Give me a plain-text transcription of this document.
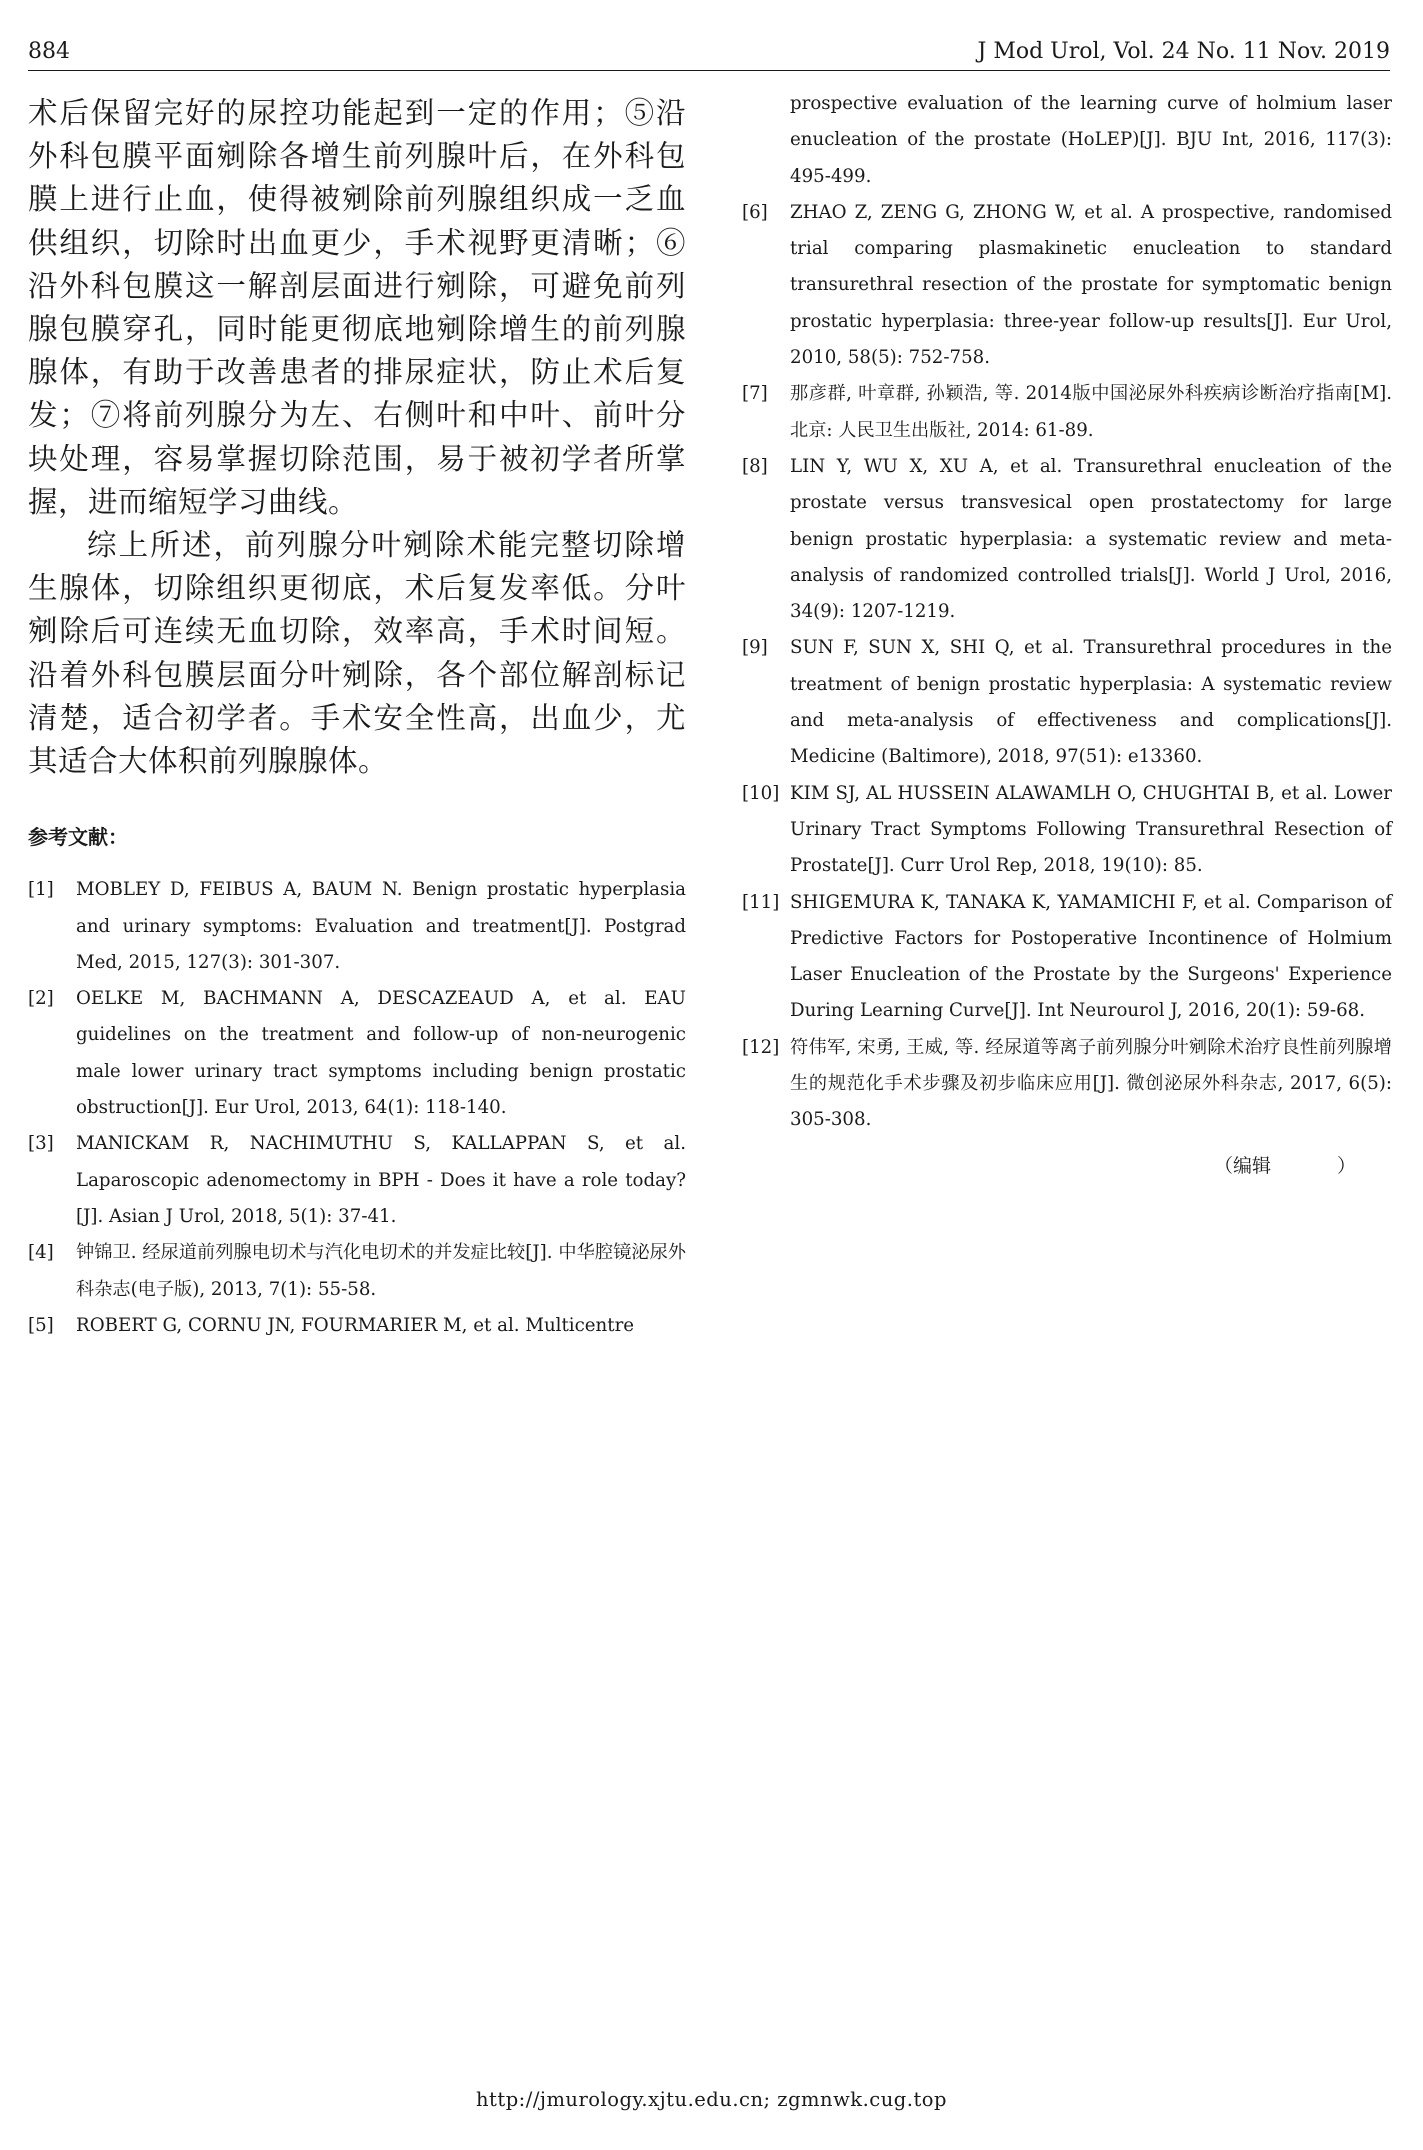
884	J Mod Urol, Vol. 24 No. 11 Nov. 2019

术后保留完好的尿控功能起到一定的作用；⑤沿外科包膜平面剜除各增生前列腺叶后，在外科包膜上进行止血，使得被剜除前列腺组织成一乏血供组织，切除时出血更少，手术视野更清晰；⑥沿外科包膜这一解剖层面进行剜除，可避免前列腺包膜穿孔，同时能更彻底地剜除增生的前列腺腺体，有助于改善患者的排尿症状，防止术后复发；⑦将前列腺分为左、右侧叶和中叶、前叶分块处理，容易掌握切除范围，易于被初学者所掌握，进而缩短学习曲线。

综上所述，前列腺分叶剜除术能完整切除增生腺体，切除组织更彻底，术后复发率低。分叶剜除后可连续无血切除，效率高，手术时间短。沿着外科包膜层面分叶剜除，各个部位解剖标记清楚，适合初学者。手术安全性高，出血少，尤其适合大体积前列腺腺体。

参考文献：
[1]	MOBLEY D, FEIBUS A, BAUM N. Benign prostatic hyperplasia and urinary symptoms: Evaluation and treatment[J]. Postgrad Med, 2015, 127(3): 301-307.
[2]	OELKE M, BACHMANN A, DESCAZEAUD A, et al. EAU guidelines on the treatment and follow-up of non-neurogenic male lower urinary tract symptoms including benign prostatic obstruction[J]. Eur Urol, 2013, 64(1): 118-140.
[3]	MANICKAM R, NACHIMUTHU S, KALLAPPAN S, et al. Laparoscopic adenomectomy in BPH - Does it have a role today? [J]. Asian J Urol, 2018, 5(1): 37-41.
[4]	钟锦卫. 经尿道前列腺电切术与汽化电切术的并发症比较[J]. 中华腔镜泌尿外科杂志(电子版), 2013, 7(1): 55-58.
[5]	ROBERT G, CORNU JN, FOURMARIER M, et al. Multicentre

prospective evaluation of the learning curve of holmium laser enucleation of the prostate (HoLEP)[J]. BJU Int, 2016, 117(3): 495-499.

[6]	ZHAO Z, ZENG G, ZHONG W, et al. A prospective, randomised trial comparing plasmakinetic enucleation to standard transurethral resection of the prostate for symptomatic benign prostatic hyperplasia: three-year follow-up results[J]. Eur Urol, 2010, 58(5): 752-758.
[7]	那彦群, 叶章群, 孙颖浩, 等. 2014版中国泌尿外科疾病诊断治疗指南[M]. 北京: 人民卫生出版社, 2014: 61-89.
[8]	LIN Y, WU X, XU A, et al. Transurethral enucleation of the prostate versus transvesical open prostatectomy for large benign prostatic hyperplasia: a systematic review and meta-analysis of randomized controlled trials[J]. World J Urol, 2016, 34(9): 1207-1219.
[9]	SUN F, SUN X, SHI Q, et al. Transurethral procedures in the treatment of benign prostatic hyperplasia: A systematic review and meta-analysis of effectiveness and complications[J]. Medicine (Baltimore), 2018, 97(51): e13360.
[10] KIM SJ, AL HUSSEIN ALAWAMLH O, CHUGHTAI B, et al. Lower Urinary Tract Symptoms Following Transurethral Resection of Prostate[J]. Curr Urol Rep, 2018, 19(10): 85.
[11] SHIGEMURA K, TANAKA K, YAMAMICHI F, et al. Comparison of Predictive Factors for Postoperative Incontinence of Holmium Laser Enucleation of the Prostate by the Surgeons' Experience During Learning Curve[J]. Int Neurourol J, 2016, 20(1): 59-68.
[12] 符伟军, 宋勇, 王威, 等. 经尿道等离子前列腺分叶剜除术治疗良性前列腺增生的规范化手术步骤及初步临床应用[J]. 微创泌尿外科杂志, 2017, 6(5): 305-308.
（编辑 ）
http://jmurology.xjtu.edu.cn; zgmnwk.cug.top
